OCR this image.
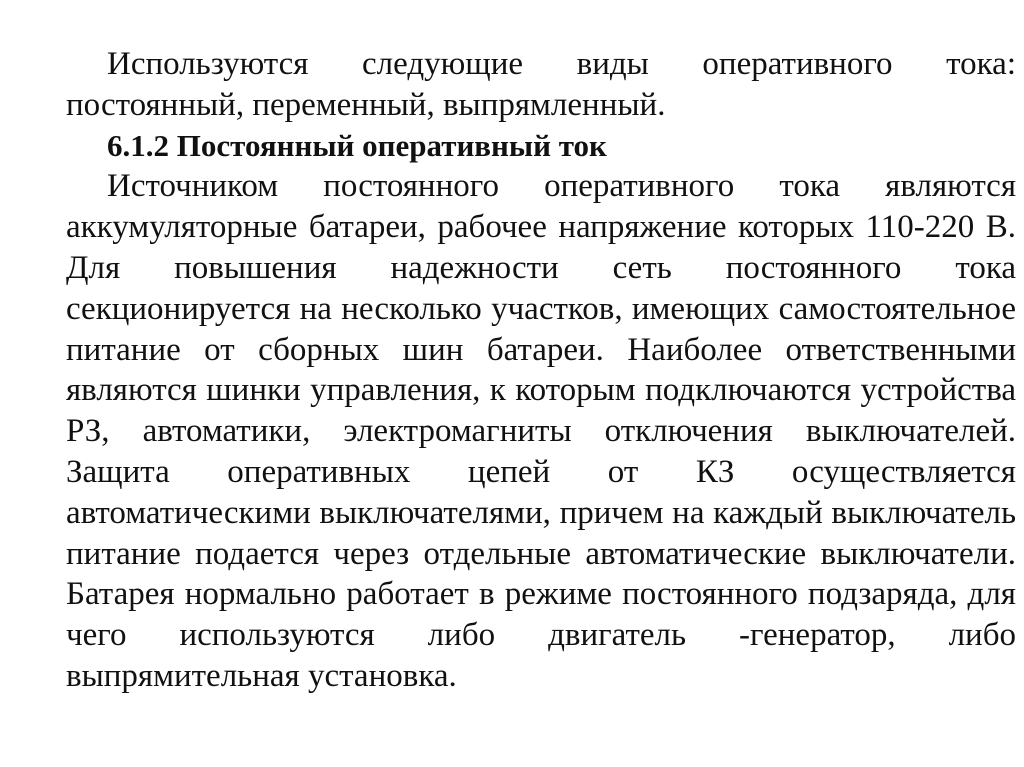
Используются следующие виды оперативного тока: постоянный, переменный, выпрямленный.

6.1.2 Постоянный оперативный ток

Источником постоянного оперативного тока являются аккумуляторные батареи, рабочее напряжение которых 110-220 В. Для повышения надежности сеть постоянного тока секционируется на несколько участков, имеющих самостоятельное питание от сборных шин батареи. Наиболее ответственными являются шинки управления, к которым подключаются устройства РЗ, автоматики, электромагниты отключения выключателей. Защита оперативных цепей от КЗ осуществляется автоматическими выключателями, причем на каждый выключатель питание подается через отдельные автоматические выключатели. Батарея нормально работает в режиме постоянного подзаряда, для чего используются либо двигатель -генератор, либо выпрямительная установка.
